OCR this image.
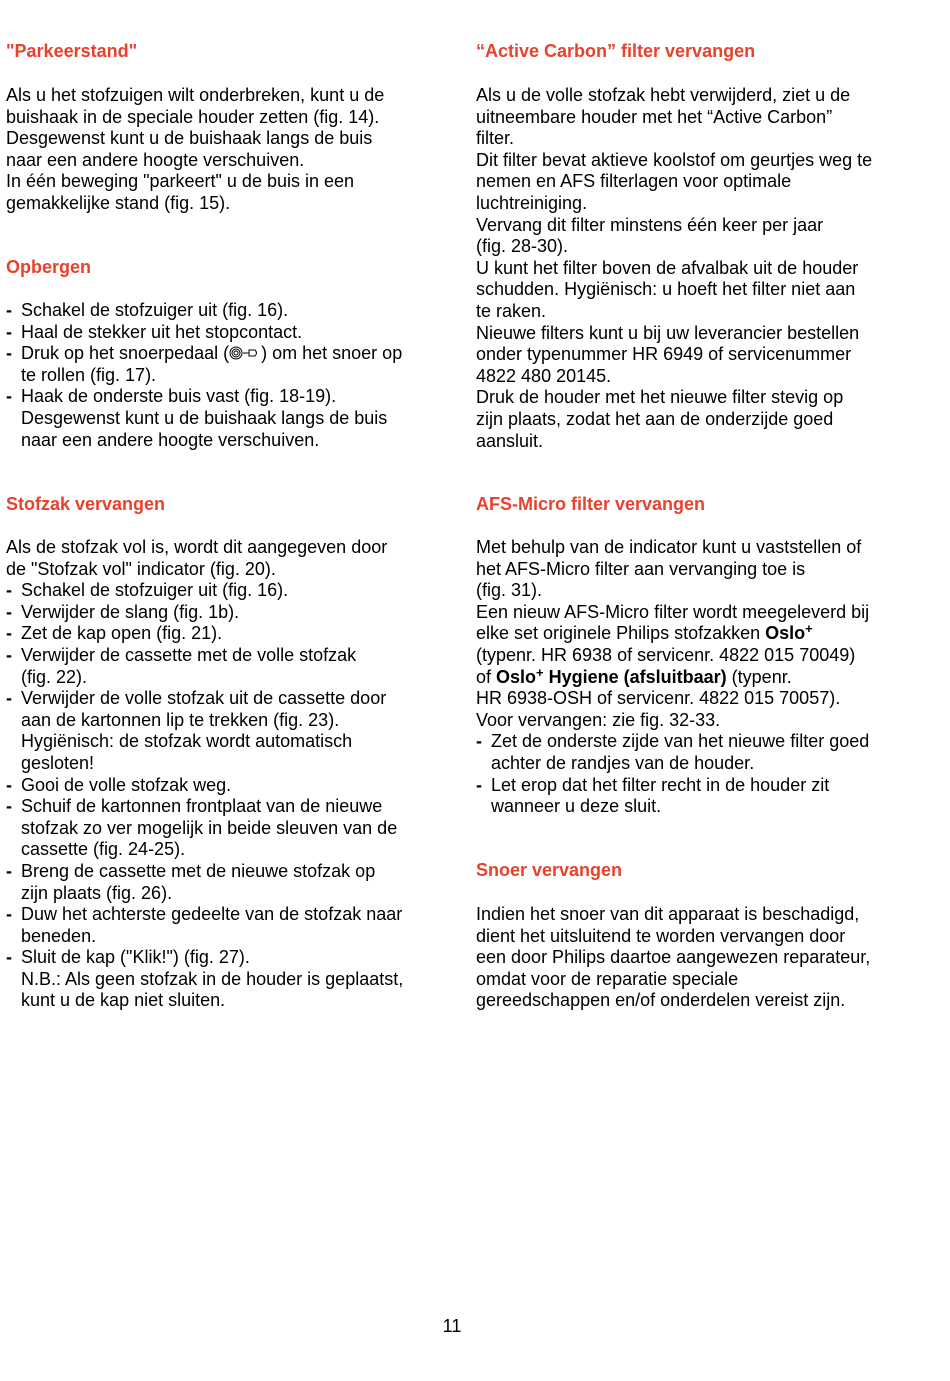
"Parkeerstand"

Als u het stofzuigen wilt onderbreken, kunt u de

buishaak in de speciale houder zetten (fig. 14).

Desgewenst kunt u de buishaak langs de buis

naar een andere hoogte verschuiven.

In één beweging "parkeert" u de buis in een

gemakkelijke stand (fig. 15).

Opbergen
- Schakel de stofzuiger uit (fig. 16).
- Haal de stekker uit het stopcontact.
- Druk op het snoerpedaal ( ) om het snoer op
te rollen (fig. 17).
- Haak de onderste buis vast (fig. 18-19).
Desgewenst kunt u de buishaak langs de buis
naar een andere hoogte verschuiven.
Stofzak vervangen

Als de stofzak vol is, wordt dit aangegeven door

de "Stofzak vol" indicator (fig. 20).

- Schakel de stofzuiger uit (fig. 16).
- Verwijder de slang (fig. 1b).
- Zet de kap open (fig. 21).
- Verwijder de cassette met de volle stofzak
(fig. 22).
- Verwijder de volle stofzak uit de cassette door
aan de kartonnen lip te trekken (fig. 23).
Hygiënisch: de stofzak wordt automatisch
gesloten!
- Gooi de volle stofzak weg.
- Schuif de kartonnen frontplaat van de nieuwe
stofzak zo ver mogelijk in beide sleuven van de
cassette (fig. 24-25).
- Breng de cassette met de nieuwe stofzak op
zijn plaats (fig. 26).
- Duw het achterste gedeelte van de stofzak naar
beneden.
- Sluit de kap ("Klik!") (fig. 27).

N.B.: Als geen stofzak in de houder is geplaatst,

kunt u de kap niet sluiten.

“Active Carbon” filter vervangen

Als u de volle stofzak hebt verwijderd, ziet u de

uitneembare houder met het “Active Carbon”

filter.

Dit filter bevat aktieve koolstof om geurtjes weg te

nemen en AFS filterlagen voor optimale

luchtreiniging.

Vervang dit filter minstens één keer per jaar

(fig. 28-30).

U kunt het filter boven de afvalbak uit de houder

schudden. Hygiënisch: u hoeft het filter niet aan

te raken.

Nieuwe filters kunt u bij uw leverancier bestellen

onder typenummer HR 6949 of servicenummer

4822 480 20145.

Druk de houder met het nieuwe filter stevig op

zijn plaats, zodat het aan de onderzijde goed

aansluit.

AFS-Micro filter vervangen

Met behulp van de indicator kunt u vaststellen of

het AFS-Micro filter aan vervanging toe is

(fig. 31).

Een nieuw AFS-Micro filter wordt meegeleverd bij

elke set originele Philips stofzakken Oslo+

(typenr. HR 6938 of servicenr. 4822 015 70049)

of Oslo+ Hygiene (afsluitbaar) (typenr.

HR 6938-OSH of servicenr. 4822 015 70057).

Voor vervangen: zie fig. 32-33.

- Zet de onderste zijde van het nieuwe filter goed
achter de randjes van de houder.
- Let erop dat het filter recht in de houder zit
wanneer u deze sluit.
Snoer vervangen

Indien het snoer van dit apparaat is beschadigd,

dient het uitsluitend te worden vervangen door

een door Philips daartoe aangewezen reparateur,

omdat voor de reparatie speciale

gereedschappen en/of onderdelen vereist zijn.

11
